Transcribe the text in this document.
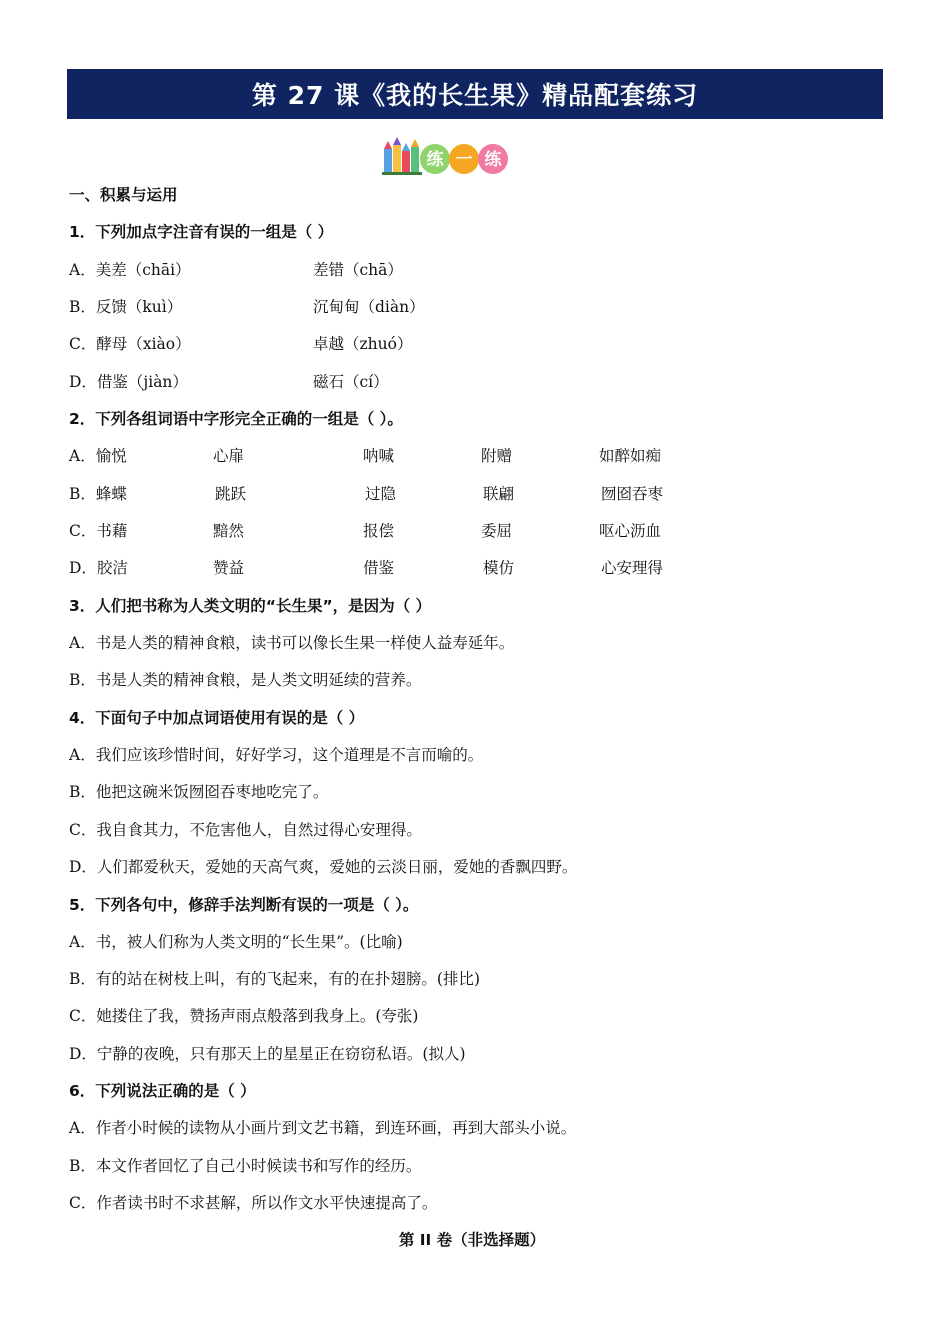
第 27 课《我的长生果》精品配套练习
练 一 练
一、积累与运用
1．下列加点字注音有误的一组是（ ）
A．美差（chāi）	差错（chā）
B．反馈（kuì）	沉甸甸（diàn）
C．酵母（xiào）	卓越（zhuó）
D．借鉴（jiàn）	磁石（cí）
2．下列各组词语中字形完全正确的一组是（ ）。
A．愉悦	心扉	呐喊	附赠	如醉如痴
B．蜂蝶	跳跃	过隐	联翩	囫囵吞枣
C．书藉	黯然	报偿	委屈	呕心沥血
D．胶洁	赞益	借鉴	模仿	心安理得
3．人们把书称为人类文明的“长生果”，是因为（ ）
A．书是人类的精神食粮，读书可以像长生果一样使人益寿延年。
B．书是人类的精神食粮，是人类文明延续的营养。
4．下面句子中加点词语使用有误的是（ ）
A．我们应该珍惜时间，好好学习，这个道理是不言而喻的。
B．他把这碗米饭囫囵吞枣地吃完了。
C．我自食其力，不危害他人，自然过得心安理得。
D．人们都爱秋天，爱她的天高气爽，爱她的云淡日丽，爱她的香飘四野。
5．下列各句中，修辞手法判断有误的一项是（ ）。
A．书，被人们称为人类文明的“长生果”。(比喻)
B．有的站在树枝上叫，有的飞起来，有的在扑翅膀。(排比)
C．她搂住了我，赞扬声雨点般落到我身上。(夸张)
D．宁静的夜晚，只有那天上的星星正在窃窃私语。(拟人)
6．下列说法正确的是（ ）
A．作者小时候的读物从小画片到文艺书籍，到连环画，再到大部头小说。
B．本文作者回忆了自己小时候读书和写作的经历。
C．作者读书时不求甚解，所以作文水平快速提高了。
第 II 卷（非选择题）
